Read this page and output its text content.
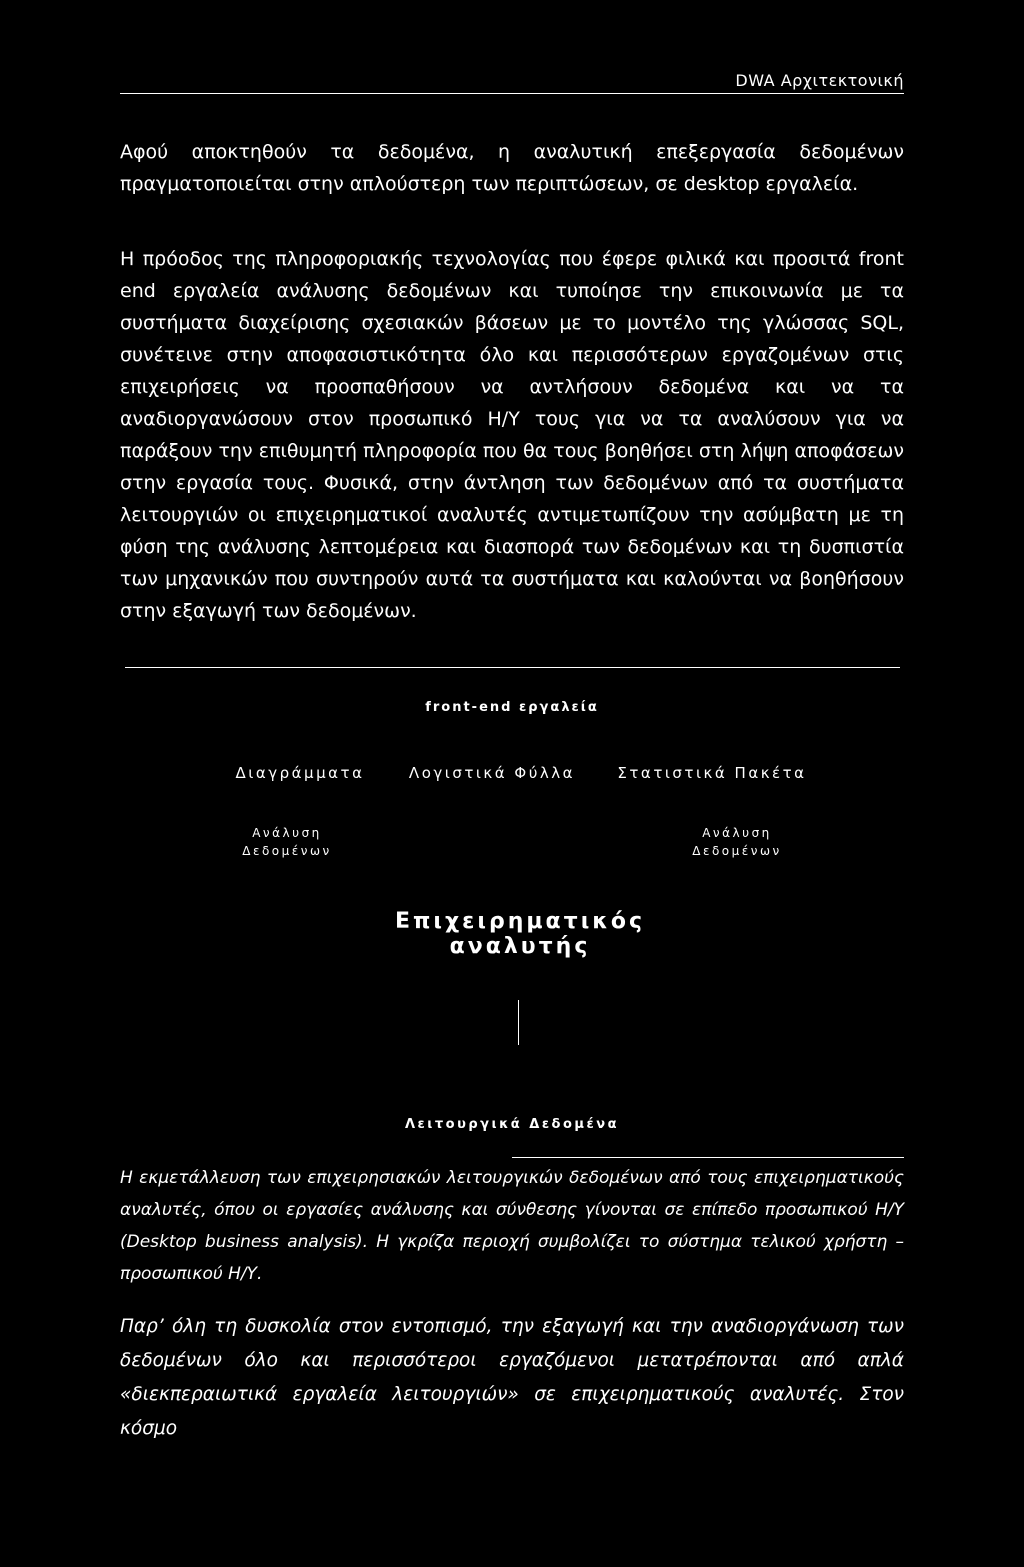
DWA Αρχιτεκτονική

Αφού αποκτηθούν τα δεδομένα, η αναλυτική επεξεργασία δεδομένων πραγματοποιείται στην απλούστερη των περιπτώσεων, σε desktop εργαλεία.

Η πρόοδος της πληροφοριακής τεχνολογίας που έφερε φιλικά και προσιτά front end εργαλεία ανάλυσης δεδομένων και τυποίησε την επικοινωνία με τα συστήματα διαχείρισης σχεσιακών βάσεων με το μοντέλο της γλώσσας SQL, συνέτεινε στην αποφασιστικότητα όλο και περισσότερων εργαζομένων στις επιχειρήσεις να προσπαθήσουν να αντλήσουν δεδομένα και να τα αναδιοργανώσουν στον προσωπικό Η/Υ τους για να τα αναλύσουν για να παράξουν την επιθυμητή πληροφορία που θα τους βοηθήσει στη λήψη αποφάσεων στην εργασία τους. Φυσικά, στην άντληση των δεδομένων από τα συστήματα λειτουργιών οι επιχειρηματικοί αναλυτές αντιμετωπίζουν την ασύμβατη με τη φύση της ανάλυσης λεπτομέρεια και διασπορά των δεδομένων και τη δυσπιστία των μηχανικών που συντηρούν αυτά τα συστήματα και καλούνται να βοηθήσουν στην εξαγωγή των δεδομένων.

front-end εργαλεία
Διαγράμματα	Λογιστικά Φύλλα	Στατιστικά Πακέτα
Ανάλυση
Δεδομένων
Ανάλυση
Δεδομένων
Επιχειρηματικός
αναλυτής
Λειτουργικά Δεδομένα

Η εκμετάλλευση των επιχειρησιακών λειτουργικών δεδομένων από τους επιχειρηματικούς αναλυτές, όπου οι εργασίες ανάλυσης και σύνθεσης γίνονται σε επίπεδο προσωπικού Η/Υ (Desktop business analysis). Η γκρίζα περιοχή συμβολίζει το σύστημα τελικού χρήστη – προσωπικού Η/Υ.

Παρ’ όλη τη δυσκολία στον εντοπισμό, την εξαγωγή και την αναδιοργάνωση των δεδομένων όλο και περισσότεροι εργαζόμενοι μετατρέπονται από απλά «διεκπεραιωτικά εργαλεία λειτουργιών» σε επιχειρηματικούς αναλυτές. Στον κόσμο
